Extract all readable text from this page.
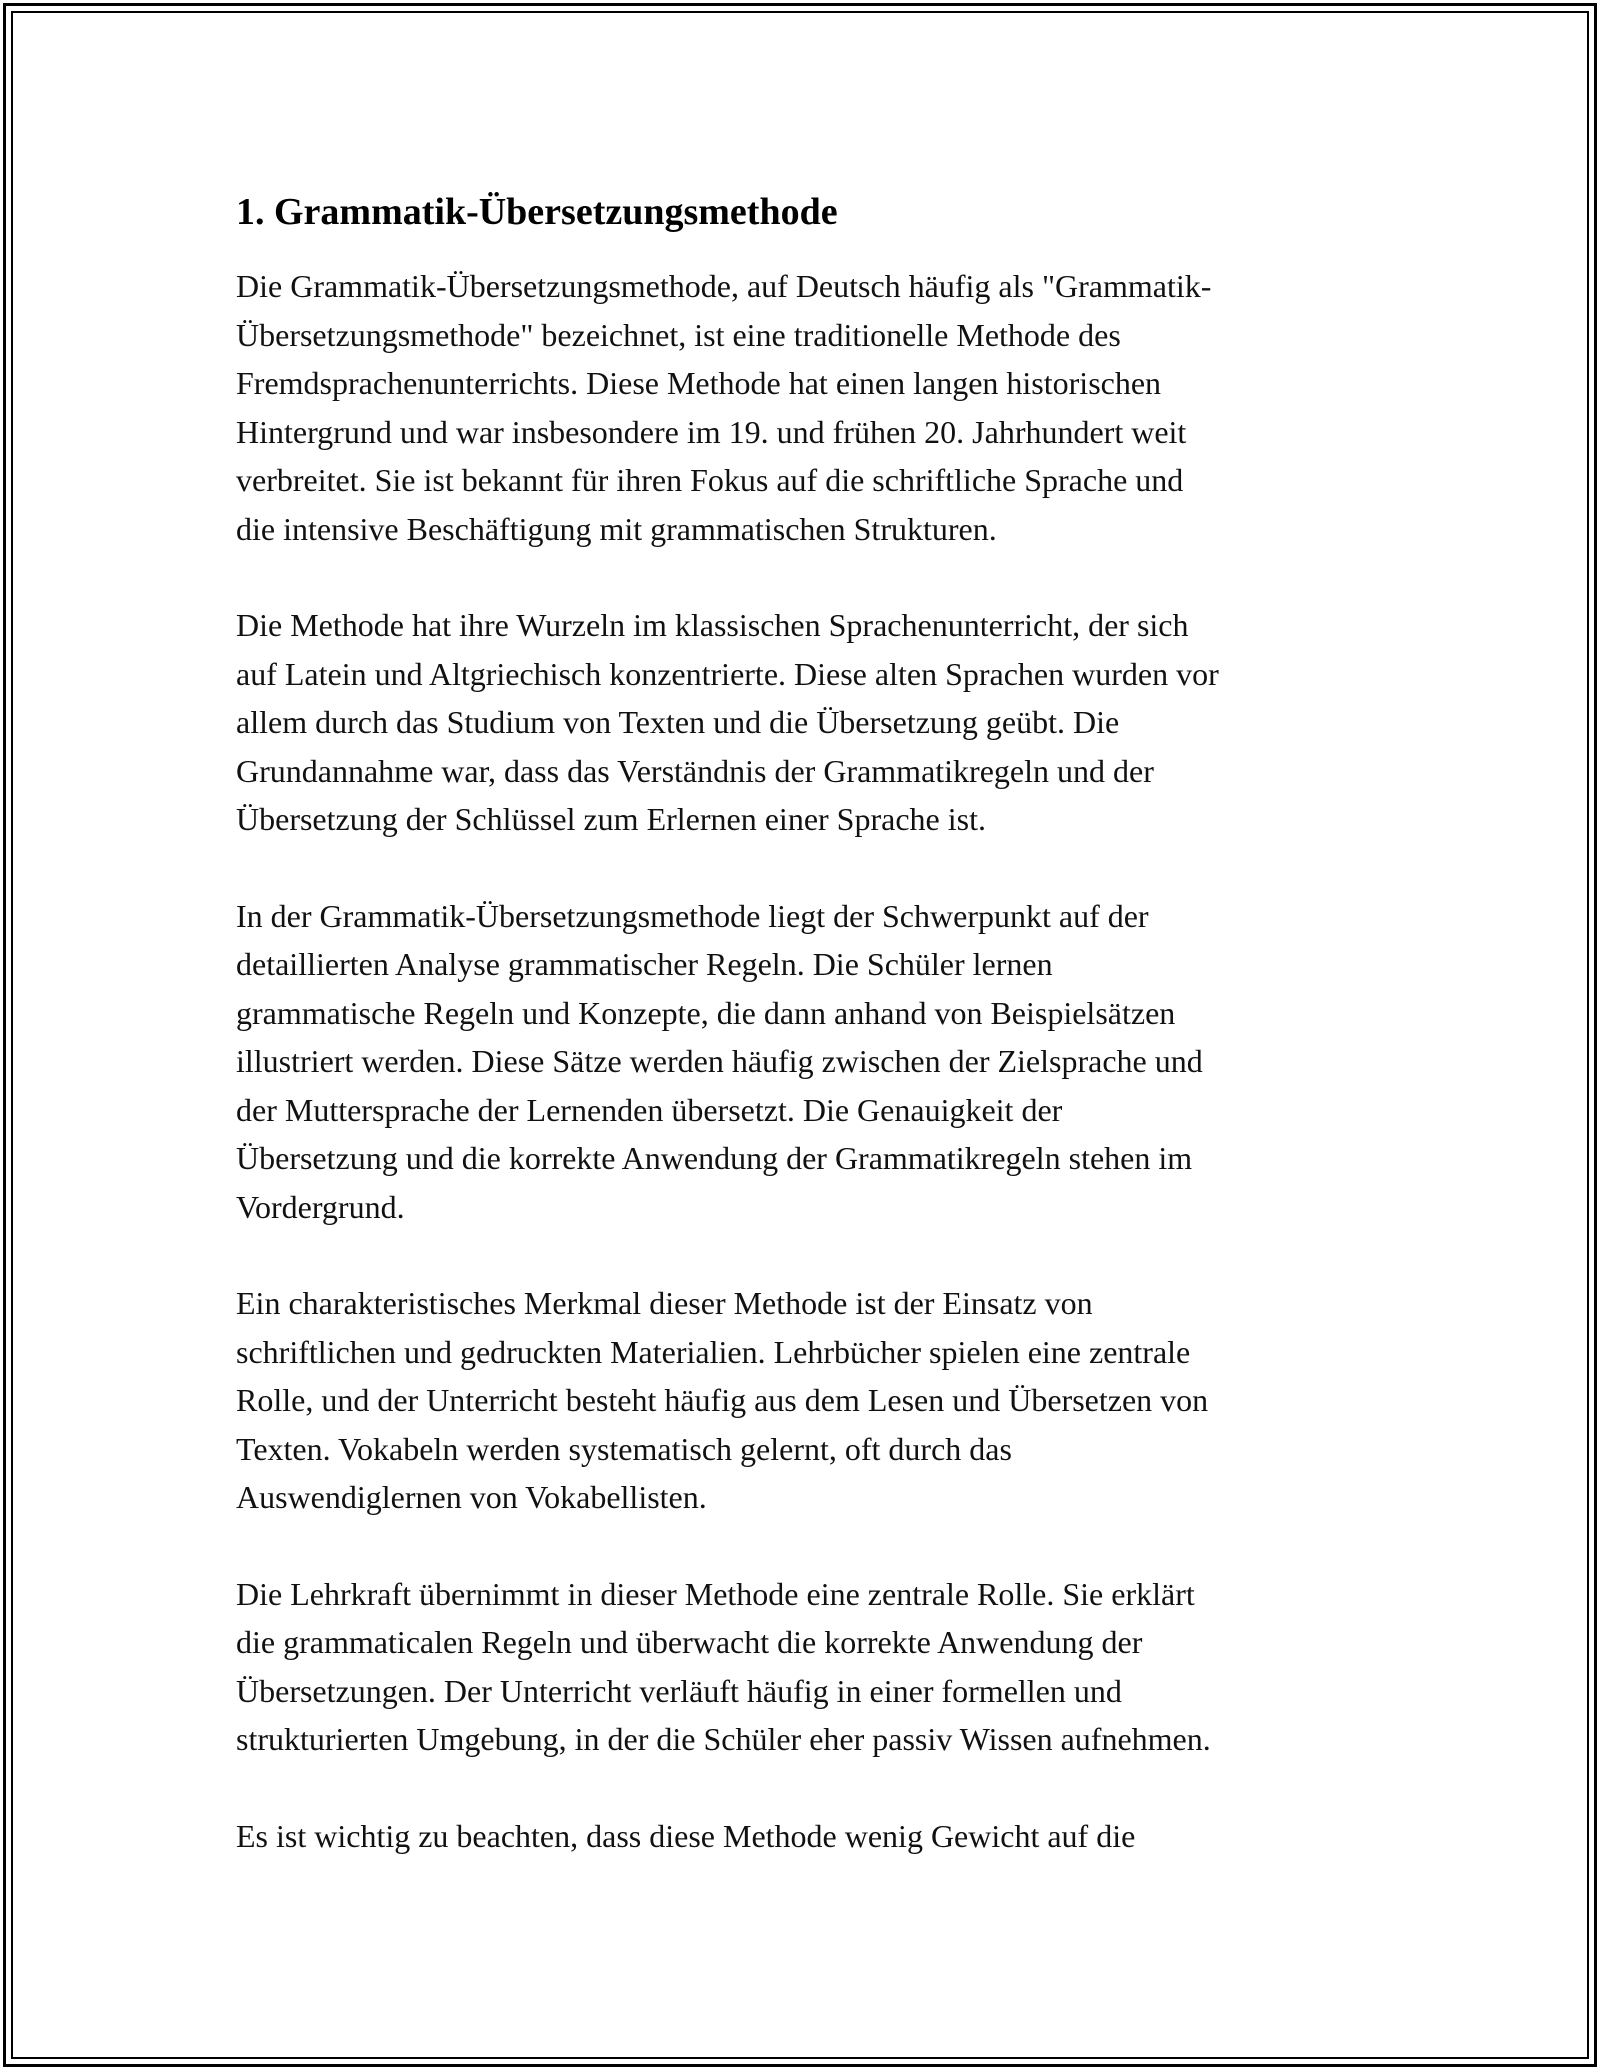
1. Grammatik-Übersetzungsmethode

Die Grammatik-Übersetzungsmethode, auf Deutsch häufig als "Grammatik-
Übersetzungsmethode" bezeichnet, ist eine traditionelle Methode des
Fremdsprachenunterrichts. Diese Methode hat einen langen historischen
Hintergrund und war insbesondere im 19. und frühen 20. Jahrhundert weit
verbreitet. Sie ist bekannt für ihren Fokus auf die schriftliche Sprache und
die intensive Beschäftigung mit grammatischen Strukturen.

Die Methode hat ihre Wurzeln im klassischen Sprachenunterricht, der sich
auf Latein und Altgriechisch konzentrierte. Diese alten Sprachen wurden vor
allem durch das Studium von Texten und die Übersetzung geübt. Die
Grundannahme war, dass das Verständnis der Grammatikregeln und der
Übersetzung der Schlüssel zum Erlernen einer Sprache ist.

In der Grammatik-Übersetzungsmethode liegt der Schwerpunkt auf der
detaillierten Analyse grammatischer Regeln. Die Schüler lernen
grammatische Regeln und Konzepte, die dann anhand von Beispielsätzen
illustriert werden. Diese Sätze werden häufig zwischen der Zielsprache und
der Muttersprache der Lernenden übersetzt. Die Genauigkeit der
Übersetzung und die korrekte Anwendung der Grammatikregeln stehen im
Vordergrund.

Ein charakteristisches Merkmal dieser Methode ist der Einsatz von
schriftlichen und gedruckten Materialien. Lehrbücher spielen eine zentrale
Rolle, und der Unterricht besteht häufig aus dem Lesen und Übersetzen von
Texten. Vokabeln werden systematisch gelernt, oft durch das
Auswendiglernen von Vokabellisten.

Die Lehrkraft übernimmt in dieser Methode eine zentrale Rolle. Sie erklärt
die grammaticalen Regeln und überwacht die korrekte Anwendung der
Übersetzungen. Der Unterricht verläuft häufig in einer formellen und
strukturierten Umgebung, in der die Schüler eher passiv Wissen aufnehmen.

Es ist wichtig zu beachten, dass diese Methode wenig Gewicht auf die
